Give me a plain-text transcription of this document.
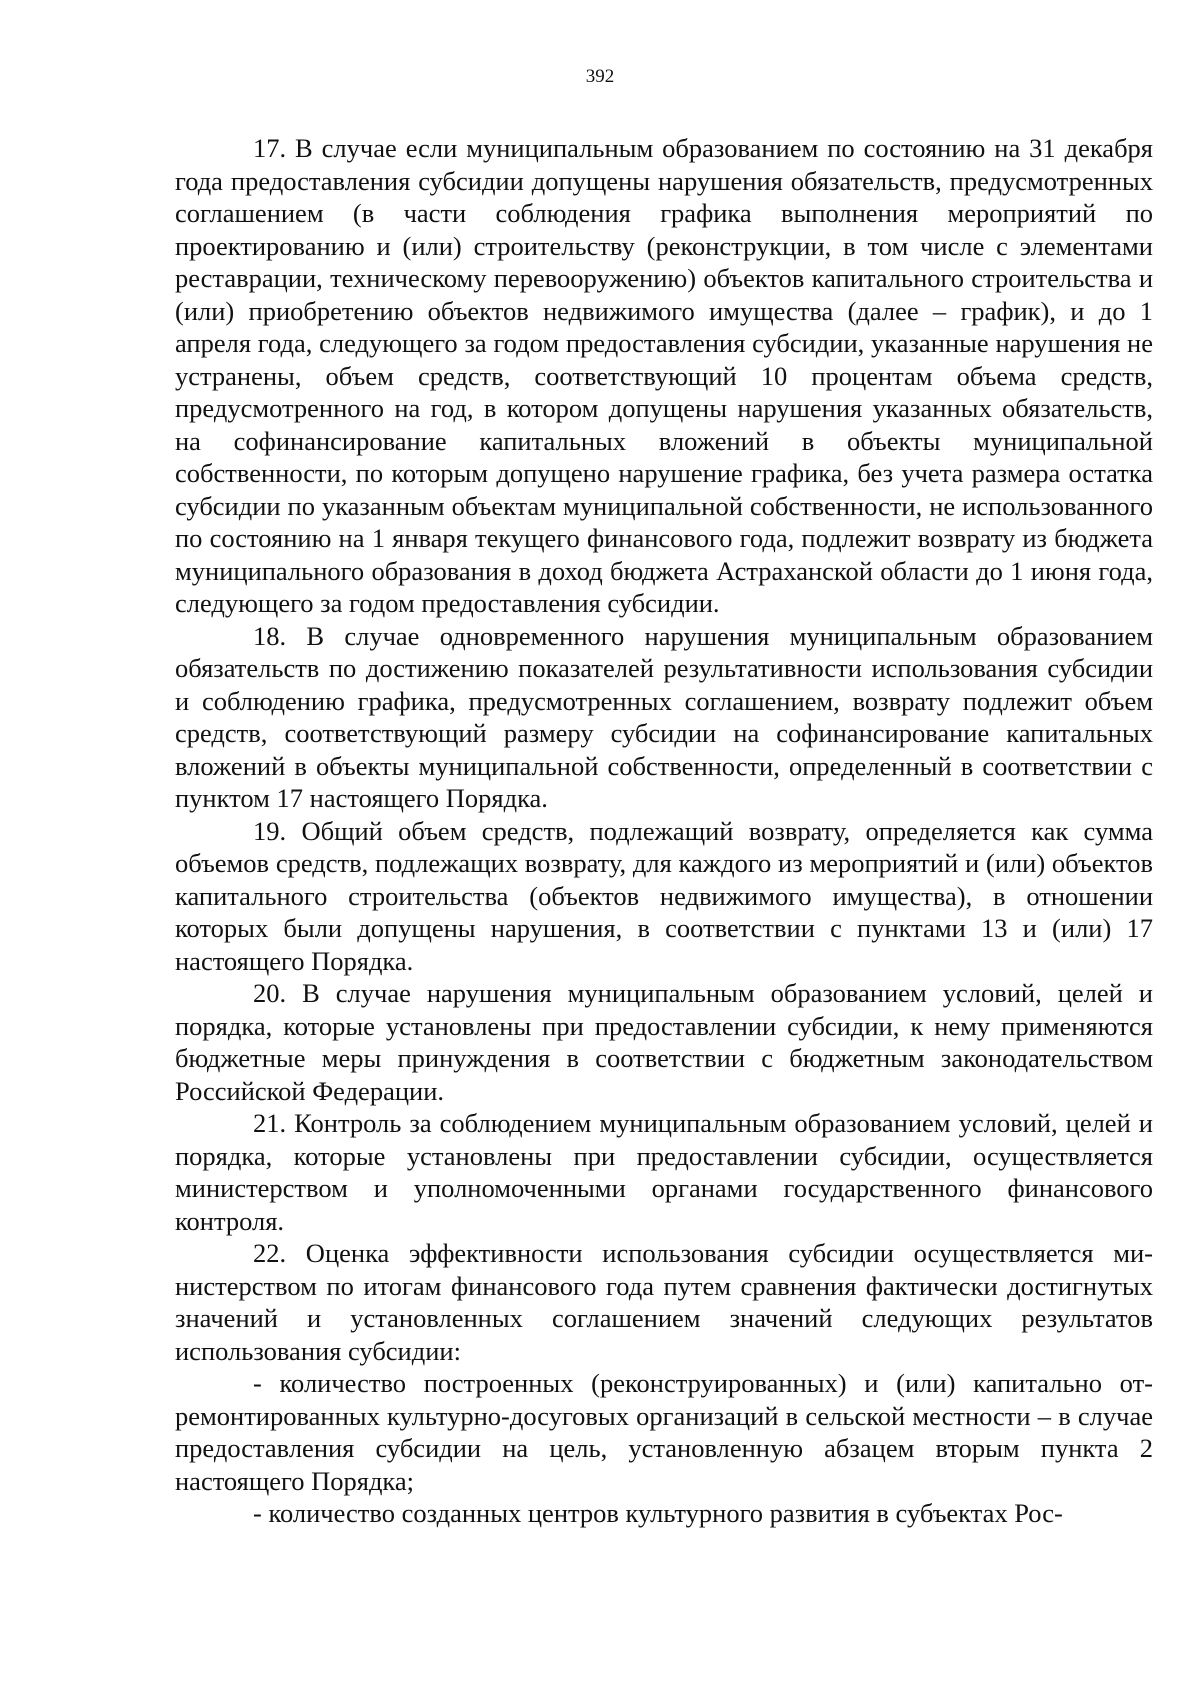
392

17. В случае если муниципальным образованием по состоянию на 31 декабря года предоставления субсидии допущены нарушения обязательств, предусмотренных соглашением (в части соблюдения графика выполнения мероприятий по проектированию и (или) строительству (реконструкции, в том числе с элементами реставрации, техническому перевооружению) объектов капитального строительства и (или) приобретению объектов недвижимого имущества (далее – график), и до 1 апреля года, следующего за годом предоставления субсидии, указанные нарушения не устранены, объем средств, соответствующий 10 процентам объема средств, предусмотренного на год, в котором допущены нарушения указанных обязательств, на софинансирование капитальных вложений в объекты муниципальной собственности, по которым допущено нарушение графика, без учета размера остатка субсидии по указанным объектам муниципальной собственности, не использованного по состоянию на 1 января текущего финансового года, подлежит возврату из бюджета муниципального образования в доход бюджета Астраханской области до 1 июня года, следующего за годом предоставления субсидии.

18. В случае одновременного нарушения муниципальным образованием обязательств по достижению показателей результативности использования субсидии и соблюдению графика, предусмотренных соглашением, возврату подлежит объем средств, соответствующий размеру субсидии на софинансирование капитальных вложений в объекты муниципальной собственности, определенный в соответствии с пунктом 17 настоящего Порядка.

19. Общий объем средств, подлежащий возврату, определяется как сумма объемов средств, подлежащих возврату, для каждого из мероприятий и (или) объектов капитального строительства (объектов недвижимого имущества), в отношении которых были допущены нарушения, в соответствии с пунктами 13 и (или) 17 настоящего Порядка.

20. В случае нарушения муниципальным образованием условий, целей и порядка, которые установлены при предоставлении субсидии, к нему применяются бюджетные меры принуждения в соответствии с бюджетным законодательством Российской Федерации.

21. Контроль за соблюдением муниципальным образованием условий, целей и порядка, которые установлены при предоставлении субсидии, осуществляется министерством и уполномоченными органами государственного финансового контроля.

22. Оценка эффективности использования субсидии осуществляется министерством по итогам финансового года путем сравнения фактически достигнутых значений и установленных соглашением значений следующих результатов использования субсидии:

- количество построенных (реконструированных) и (или) капитально отремонтированных культурно-досуговых организаций в сельской местности – в случае предоставления субсидии на цель, установленную абзацем вторым пункта 2 настоящего Порядка;

- количество созданных центров культурного развития в субъектах Рос-
